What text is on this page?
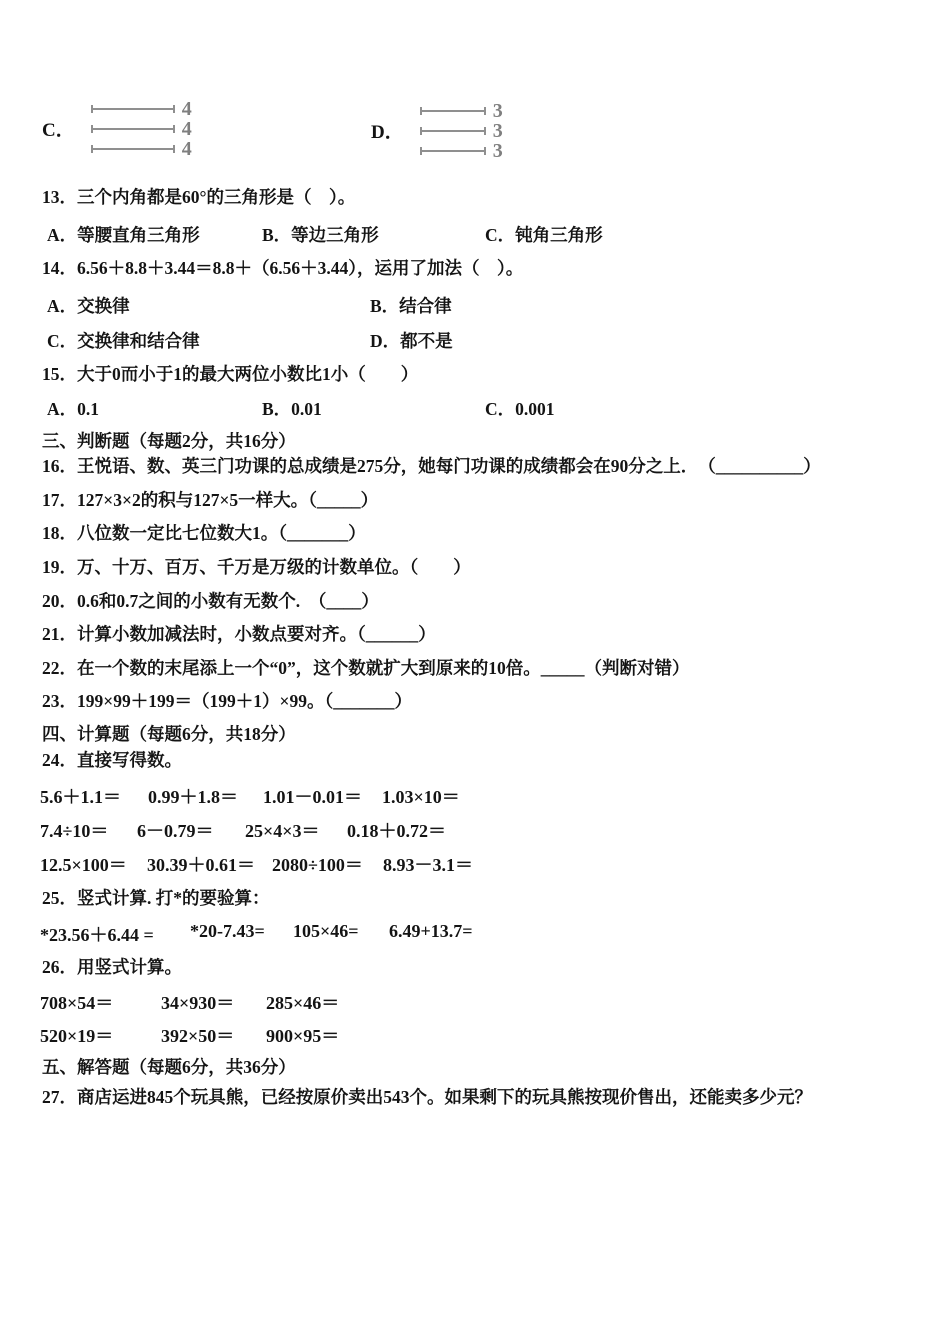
C．
4
4
4
D．
3
3
3
13．三个内角都是60°的三角形是（　）。
A．等腰直角三角形	B．等边三角形	C．钝角三角形
14．6.56＋8.8＋3.44＝8.8＋（6.56＋3.44），运用了加法（　）。
A．交换律	B．结合律
C．交换律和结合律	D．都不是
15．大于0而小于1的最大两位小数比1小（　　）
A．0.1	B．0.01	C．0.001
三、判断题（每题2分，共16分）
16．王悦语、数、英三门功课的总成绩是275分，她每门功课的成绩都会在90分之上．　（__________）
17．127×3×2的积与127×5一样大。（_____）
18．八位数一定比七位数大1。（_______）
19．万、十万、百万、千万是万级的计数单位。（　　）
20．0.6和0.7之间的小数有无数个.　（____）
21．计算小数加减法时，小数点要对齐。（______）
22．在一个数的末尾添上一个“0”，这个数就扩大到原来的10倍。_____（判断对错）
23．199×99＋199＝（199＋1）×99。（_______）
四、计算题（每题6分，共18分）
24．直接写得数。
5.6＋1.1＝ 0.99＋1.8＝ 1.01－0.01＝ 1.03×10＝
7.4÷10＝ 6－0.79＝ 25×4×3＝ 0.18＋0.72＝
12.5×100＝ 30.39＋0.61＝ 2080÷100＝ 8.93－3.1＝
25．竖式计算. 打*的要验算：
*23.56＋6.44 = *20-7.43= 105×46= 6.49+13.7=
26．用竖式计算。
708×54＝	34×930＝ 285×46＝
520×19＝	392×50＝ 900×95＝
五、解答题（每题6分，共36分）
27．商店运进845个玩具熊，已经按原价卖出543个。如果剩下的玩具熊按现价售出，还能卖多少元？
